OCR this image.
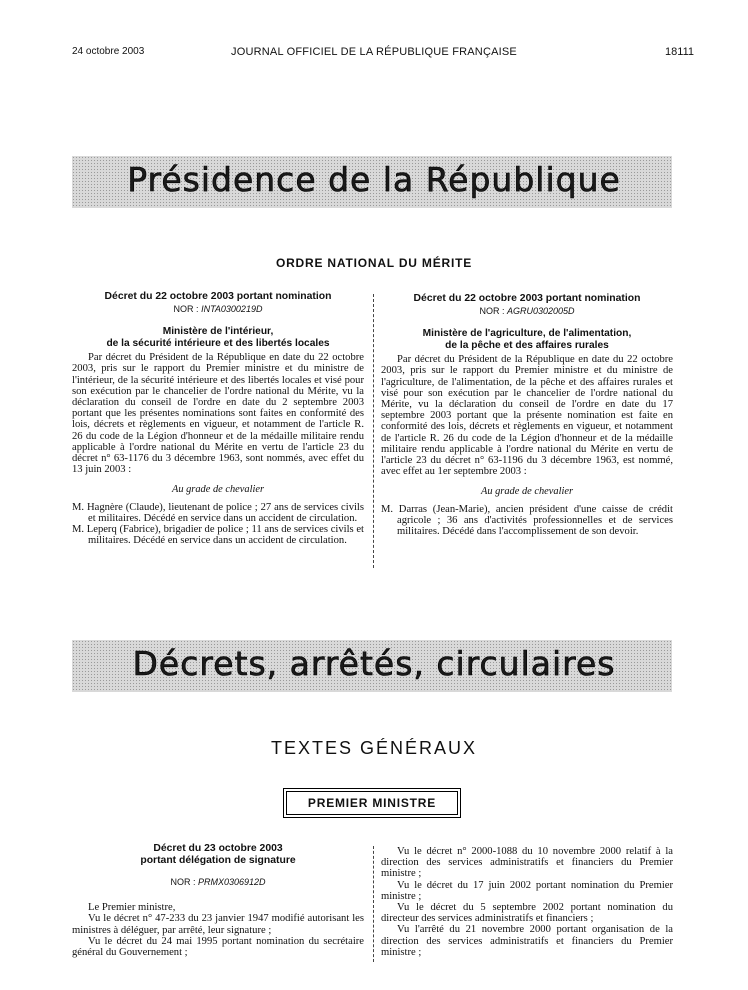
24 octobre 2003	JOURNAL OFFICIEL DE LA RÉPUBLIQUE FRANÇAISE	18111
Présidence de la République
ORDRE NATIONAL DU MÉRITE

Décret du 22 octobre 2003 portant nomination

NOR : INTA0300219D

Ministère de l'intérieur,
de la sécurité intérieure et des libertés locales

Par décret du Président de la République en date du 22 octobre 2003, pris sur le rapport du Premier ministre et du ministre de l'intérieur, de la sécurité intérieure et des libertés locales et visé pour son exécution par le chancelier de l'ordre national du Mérite, vu la déclaration du conseil de l'ordre en date du 2 septembre 2003 portant que les présentes nominations sont faites en conformité des lois, décrets et règlements en vigueur, et notamment de l'article R. 26 du code de la Légion d'honneur et de la médaille militaire rendu applicable à l'ordre national du Mérite en vertu de l'article 23 du décret n° 63-1176 du 3 décembre 1963, sont nommés, avec effet du 13 juin 2003 :

Au grade de chevalier

M. Hagnère (Claude), lieutenant de police ; 27 ans de services civils et militaires. Décédé en service dans un accident de circulation.

M. Leperq (Fabrice), brigadier de police ; 11 ans de services civils et militaires. Décédé en service dans un accident de circulation.

Décret du 22 octobre 2003 portant nomination

NOR : AGRU0302005D

Ministère de l'agriculture, de l'alimentation,
de la pêche et des affaires rurales

Par décret du Président de la République en date du 22 octobre 2003, pris sur le rapport du Premier ministre et du ministre de l'agriculture, de l'alimentation, de la pêche et des affaires rurales et visé pour son exécution par le chancelier de l'ordre national du Mérite, vu la déclaration du conseil de l'ordre en date du 17 septembre 2003 portant que la présente nomination est faite en conformité des lois, décrets et règlements en vigueur, et notamment de l'article R. 26 du code de la Légion d'honneur et de la médaille militaire rendu applicable à l'ordre national du Mérite en vertu de l'article 23 du décret n° 63-1196 du 3 décembre 1963, est nommé, avec effet au 1er septembre 2003 :

Au grade de chevalier

M. Darras (Jean-Marie), ancien président d'une caisse de crédit agricole ; 36 ans d'activités professionnelles et de services militaires. Décédé dans l'accomplissement de son devoir.

Décrets, arrêtés, circulaires
TEXTES GÉNÉRAUX
PREMIER MINISTRE

Décret du 23 octobre 2003

portant délégation de signature

NOR : PRMX0306912D

Le Premier ministre,

Vu le décret n° 47-233 du 23 janvier 1947 modifié autorisant les ministres à déléguer, par arrêté, leur signature ;

Vu le décret du 24 mai 1995 portant nomination du secrétaire général du Gouvernement ;

Vu le décret n° 2000-1088 du 10 novembre 2000 relatif à la direction des services administratifs et financiers du Premier ministre ;

Vu le décret du 17 juin 2002 portant nomination du Premier ministre ;

Vu le décret du 5 septembre 2002 portant nomination du directeur des services administratifs et financiers ;

Vu l'arrêté du 21 novembre 2000 portant organisation de la direction des services administratifs et financiers du Premier ministre ;
